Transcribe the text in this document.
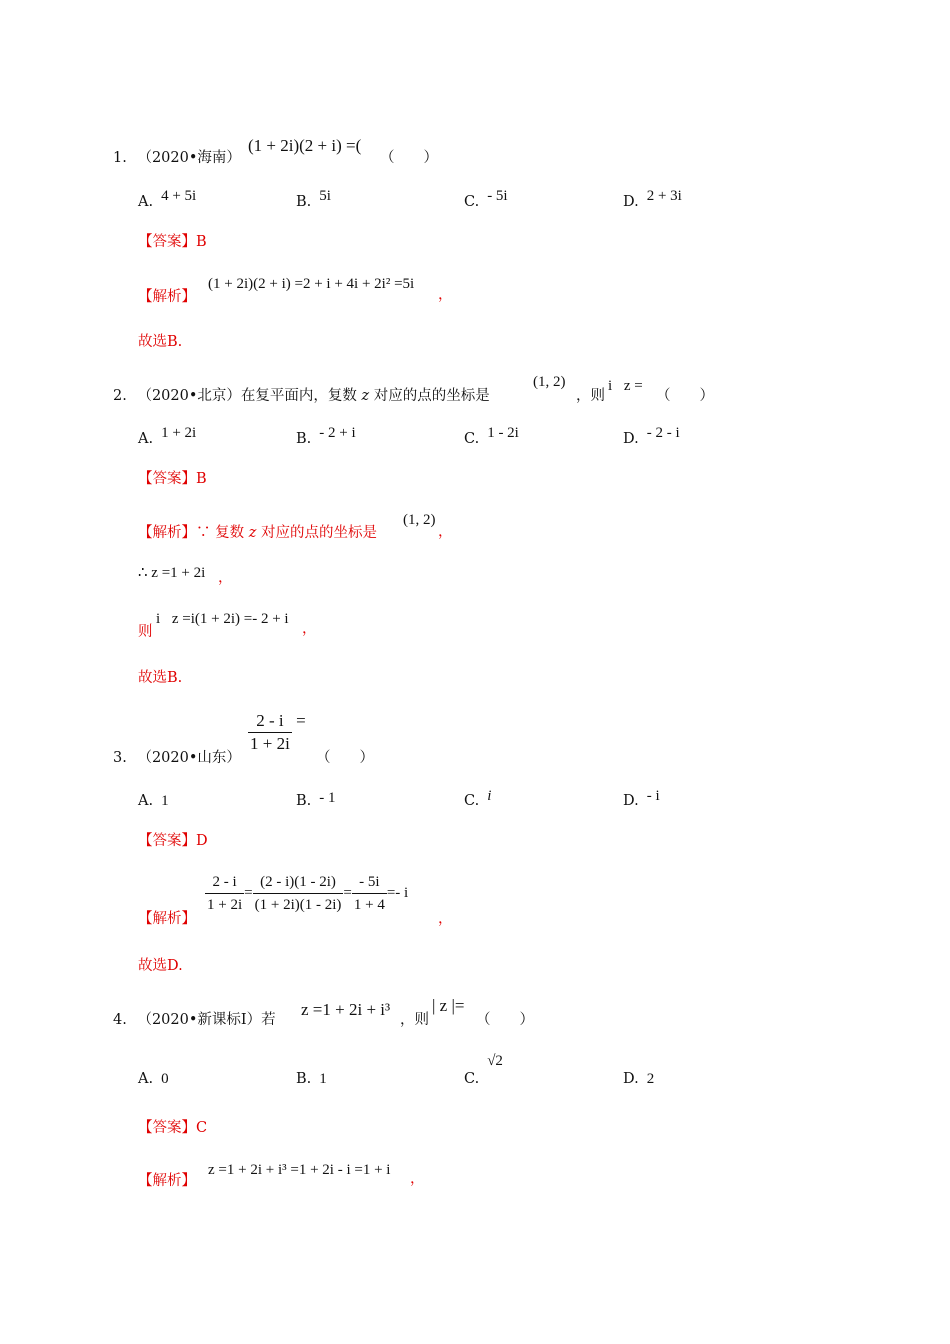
1. （2020•海南）
(1 + 2i)(2 + i) =(
（　　）
A. 4 + 5i	B. 5i	C. - 5i	D. 2 + 3i
【答案】B
【解析】
(1 + 2i)(2 + i) =2 + i + 4i + 2i² =5i
，
故选B.
2. （2020•北京）在复平面内，复数 z 对应的点的坐标是
(1, 2)
，则
i⃞z =
（　　）
A. 1 + 2i	B. - 2 + i	C. 1 - 2i	D. - 2 - i
【答案】B
【解析】∵ 复数 z 对应的点的坐标是
(1, 2)
，
∴ z =1 + 2i ，
则
i⃞z =i(1 + 2i) =- 2 + i
，
故选B.
3. （2020•山东）
$\frac{2 - i}{1 + 2i}$ =
（　　）
A. 1	B. - 1	C. i	D. - i
【答案】D
【解析】
$\frac{2 - i}{1 + 2i} = \frac{(2 - i)(1 - 2i)}{(1 + 2i)(1 - 2i)} = \frac{- 5i}{1 + 4} =- i$
，
故选D.
4. （2020•新课标Ⅰ）若
z =1 + 2i + i³
，则
| z |=
（　　）
A. 0	B. 1	C.√2
D. 2
【答案】C
【解析】
z =1 + 2i + i³ =1 + 2i - i =1 + i
，
